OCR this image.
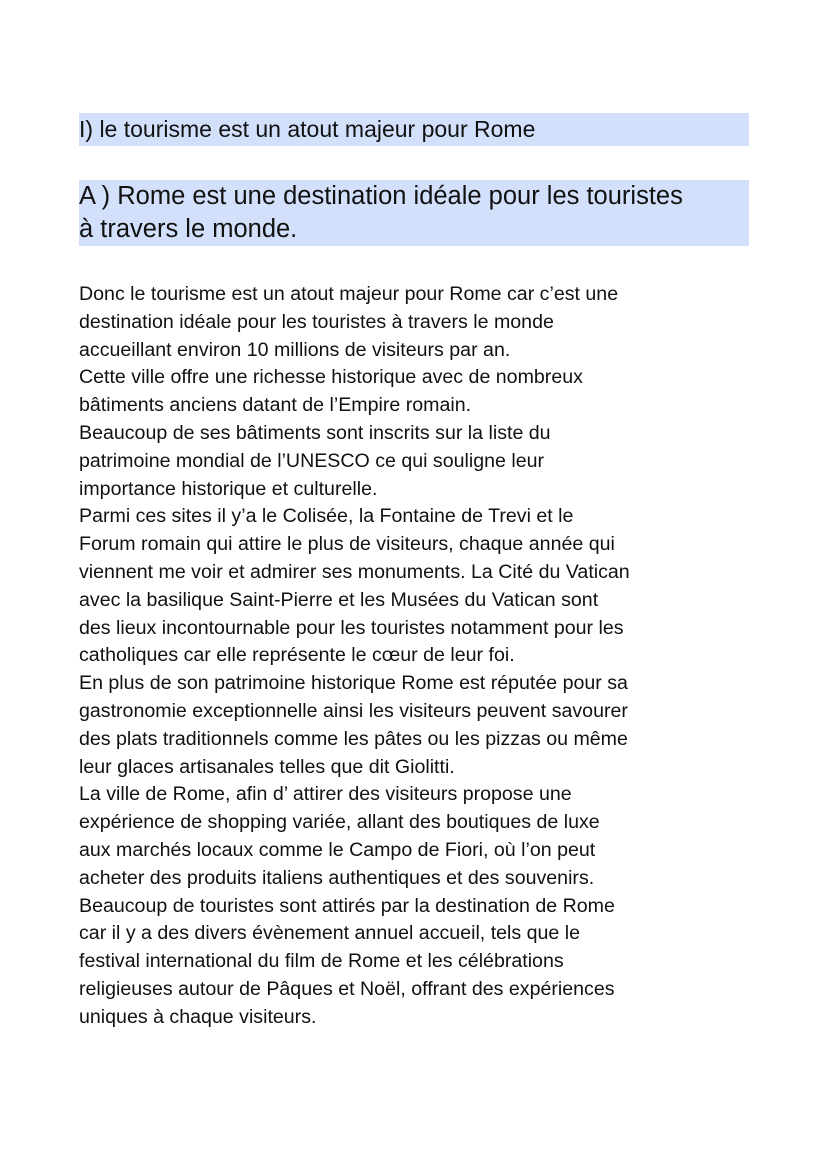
I) le tourisme est un atout majeur pour Rome
A ) Rome est une destination idéale pour les touristes
à travers le monde.
Donc le tourisme est un atout majeur pour Rome car c’est une
destination idéale pour les touristes à travers le monde
accueillant environ 10 millions de visiteurs par an.
Cette ville offre une richesse historique avec de nombreux
bâtiments anciens datant de l’Empire romain.
Beaucoup de ses bâtiments sont inscrits sur la liste du
patrimoine mondial de l’UNESCO ce qui souligne leur
importance historique et culturelle.
Parmi ces sites il y’a le Colisée, la Fontaine de Trevi et le
Forum romain qui attire le plus de visiteurs, chaque année qui
viennent me voir et admirer ses monuments. La Cité du Vatican
avec la basilique Saint-Pierre et les Musées du Vatican sont
des lieux incontournable pour les touristes notamment pour les
catholiques car elle représente le cœur de leur foi.
En plus de son patrimoine historique Rome est réputée pour sa
gastronomie exceptionnelle ainsi les visiteurs peuvent savourer
des plats traditionnels comme les pâtes ou les pizzas ou même
leur glaces artisanales telles que dit Giolitti.
La ville de Rome, afin d’ attirer des visiteurs propose une
expérience de shopping variée, allant des boutiques de luxe
aux marchés locaux comme le Campo de Fiori, où l’on peut
acheter des produits italiens authentiques et des souvenirs.
Beaucoup de touristes sont attirés par la destination de Rome
car il y a des divers évènement annuel accueil, tels que le
festival international du film de Rome et les célébrations
religieuses autour de Pâques et Noël, offrant des expériences
uniques à chaque visiteurs.
